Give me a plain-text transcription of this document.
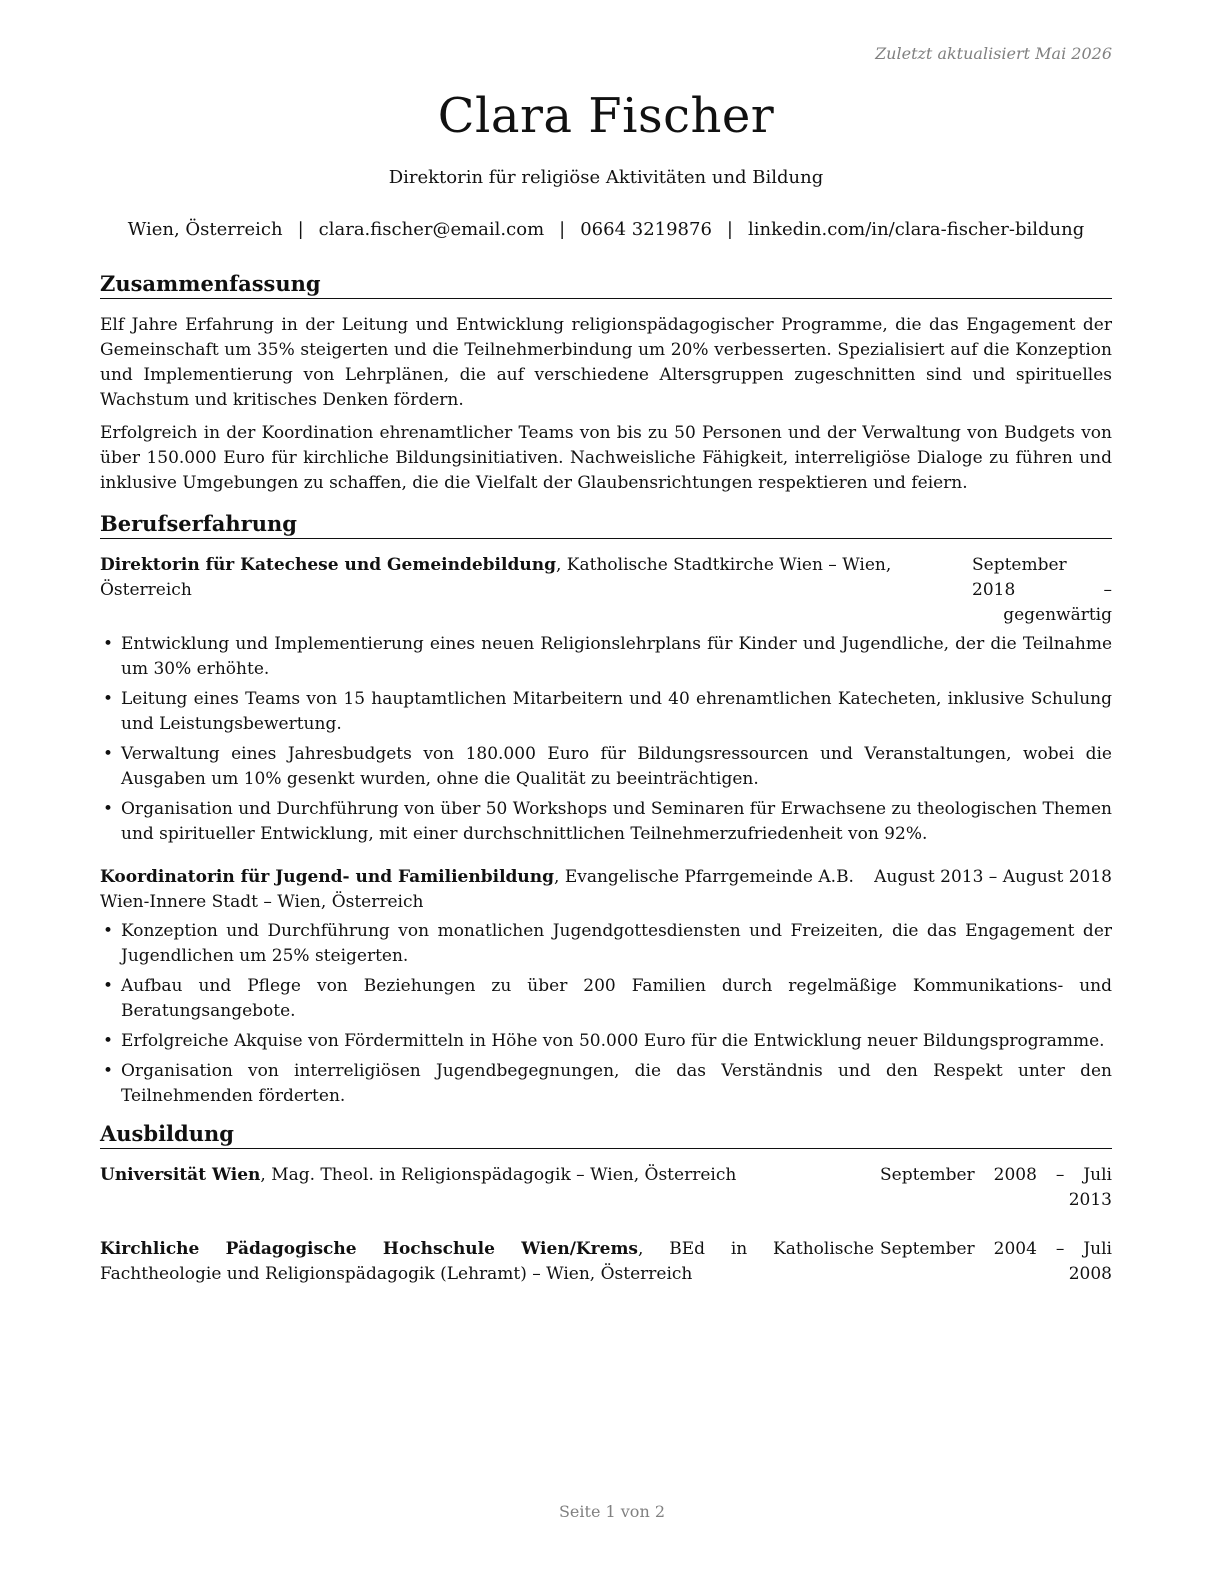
Zuletzt aktualisiert Mai 2026
Clara Fischer
Direktorin für religiöse Aktivitäten und Bildung
Wien, Österreich | clara.fischer@email.com | 0664 3219876 | linkedin.com/in/clara-fischer-bildung
Zusammenfassung

Elf Jahre Erfahrung in der Leitung und Entwicklung religionspädagogischer Programme, die das Engagement der Gemeinschaft um 35% steigerten und die Teilnehmerbindung um 20% verbesserten. Spezialisiert auf die Konzeption und Implementierung von Lehrplänen, die auf verschiedene Altersgruppen zugeschnitten sind und spirituelles Wachstum und kritisches Denken fördern.

Erfolgreich in der Koordination ehrenamtlicher Teams von bis zu 50 Personen und der Verwaltung von Budgets von über 150.000 Euro für kirchliche Bildungsinitiativen. Nachweisliche Fähigkeit, interreligiöse Dialoge zu führen und inklusive Umgebungen zu schaffen, die die Vielfalt der Glaubensrichtungen respektieren und feiern.

Berufserfahrung
Direktorin für Katechese und Gemeindebildung, Katholische Stadtkirche Wien – Wien, Österreich
September 2018 – gegenwärtig
• Entwicklung und Implementierung eines neuen Religionslehrplans für Kinder und Jugendliche, der die Teilnahme um 30% erhöhte.
• Leitung eines Teams von 15 hauptamtlichen Mitarbeitern und 40 ehrenamtlichen Katecheten, inklusive Schulung und Leistungsbewertung.
• Verwaltung eines Jahresbudgets von 180.000 Euro für Bildungsressourcen und Veranstaltungen, wobei die Ausgaben um 10% gesenkt wurden, ohne die Qualität zu beeinträchtigen.
• Organisation und Durchführung von über 50 Workshops und Seminaren für Erwachsene zu theologischen Themen und spiritueller Entwicklung, mit einer durchschnittlichen Teilnehmerzufriedenheit von 92%.
Koordinatorin für Jugend- und Familienbildung, Evangelische Pfarrgemeinde A.B. Wien-Innere Stadt – Wien, Österreich
August 2013 – August 2018
• Konzeption und Durchführung von monatlichen Jugendgottesdiensten und Freizeiten, die das Engagement der Jugendlichen um 25% steigerten.
• Aufbau und Pflege von Beziehungen zu über 200 Familien durch regelmäßige Kommunikations- und Beratungsangebote.
• Erfolgreiche Akquise von Fördermitteln in Höhe von 50.000 Euro für die Entwicklung neuer Bildungsprogramme.
• Organisation von interreligiösen Jugendbegegnungen, die das Verständnis und den Respekt unter den Teilnehmenden förderten.
Ausbildung
Universität Wien, Mag. Theol. in Religionspädagogik – Wien, Österreich	September 2008 – Juli 2013
Kirchliche Pädagogische Hochschule Wien/Krems, BEd in Katholische Fachtheologie und Religionspädagogik (Lehramt) – Wien, Österreich
September 2004 – Juli 2008
Seite 1 von 2
